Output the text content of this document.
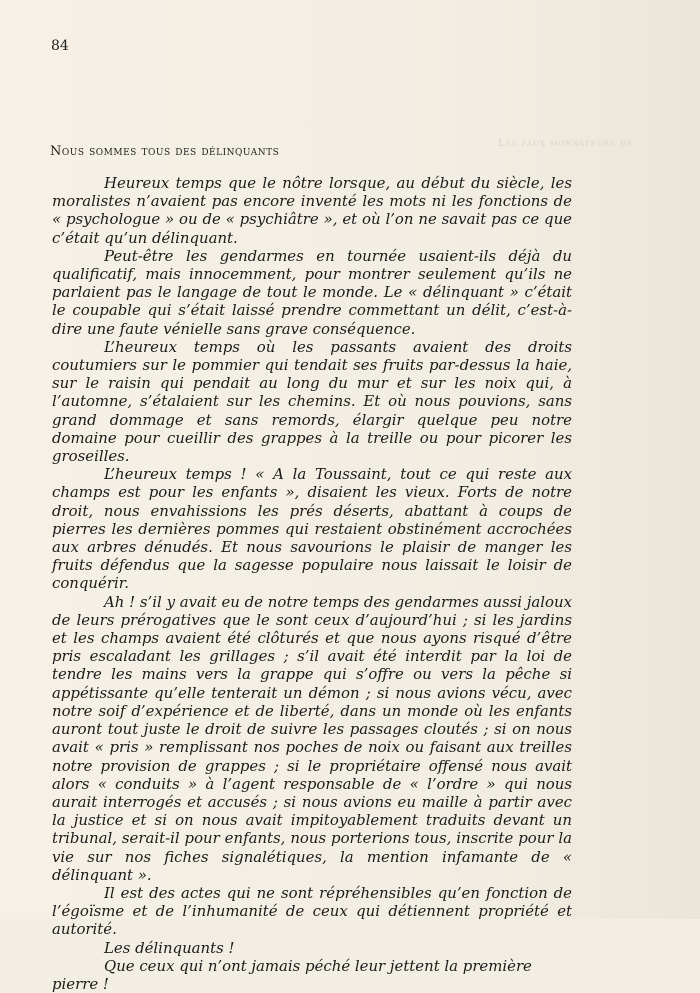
84
Les faux monnayeurs de
Nous sommes tous des délinquants

Heureux temps que le nôtre lorsque, au début du siècle, les moralistes n’avaient pas encore inventé les mots ni les fonctions de « psychologue » ou de « psychiâtre », et où l’on ne savait pas ce que c’était qu’un délinquant.

Peut-être les gendarmes en tournée usaient-ils déjà du qualificatif, mais innocemment, pour montrer seulement qu’ils ne parlaient pas le langage de tout le monde. Le « délinquant » c’était le coupable qui s’était laissé prendre commettant un délit, c’est-à-dire une faute vénielle sans grave conséquence.

L’heureux temps où les passants avaient des droits coutumiers sur le pommier qui tendait ses fruits par-dessus la haie, sur le raisin qui pendait au long du mur et sur les noix qui, à l’automne, s’étalaient sur les chemins. Et où nous pouvions, sans grand dommage et sans remords, élargir quelque peu notre domaine pour cueillir des grappes à la treille ou pour picorer les groseilles.

L’heureux temps ! « A la Toussaint, tout ce qui reste aux champs est pour les enfants », disaient les vieux. Forts de notre droit, nous envahissions les prés déserts, abattant à coups de pierres les dernières pommes qui restaient obstinément accrochées aux arbres dénudés. Et nous savourions le plaisir de manger les fruits défendus que la sagesse populaire nous laissait le loisir de conquérir.

Ah ! s’il y avait eu de notre temps des gendarmes aussi jaloux de leurs prérogatives que le sont ceux d’aujourd’hui ; si les jardins et les champs avaient été clôturés et que nous ayons risqué d’être pris escaladant les grillages ; s’il avait été interdit par la loi de tendre les mains vers la grappe qui s’offre ou vers la pêche si appétissante qu’elle tenterait un démon ; si nous avions vécu, avec notre soif d’expérience et de liberté, dans un monde où les enfants auront tout juste le droit de suivre les passages cloutés ; si on nous avait « pris » remplissant nos poches de noix ou faisant aux treilles notre provision de grappes ; si le propriétaire offensé nous avait alors « conduits » à l’agent responsable de « l’ordre » qui nous aurait interrogés et accusés ; si nous avions eu maille à partir avec la justice et si on nous avait impitoyablement traduits devant un tribunal, serait-il pour enfants, nous porterions tous, inscrite pour la vie sur nos fiches signalétiques, la mention infamante de « délinquant ».

Il est des actes qui ne sont répréhensibles qu’en fonction de l’égoïsme et de l’inhumanité de ceux qui détiennent propriété et autorité.

Les délinquants !

Que ceux qui n’ont jamais péché leur jettent la première pierre !
